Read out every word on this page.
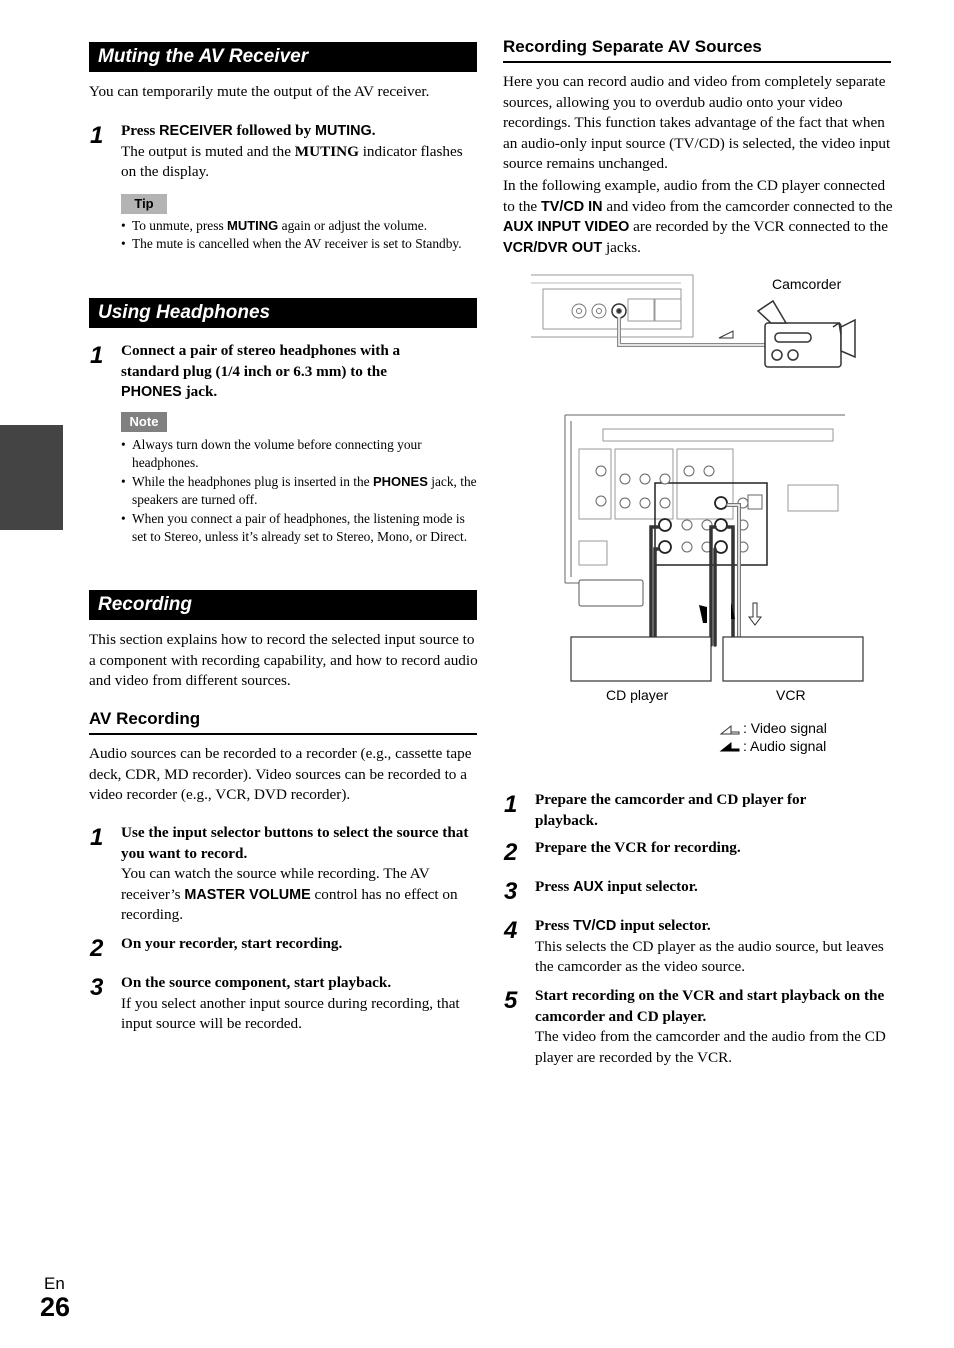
Muting the AV Receiver

You can temporarily mute the output of the AV receiver.

1 Press RECEIVER followed by MUTING.
The output is muted and the MUTING indicator flashes on the display.
Tip
• To unmute, press MUTING again or adjust the volume.
• The mute is cancelled when the AV receiver is set to Standby.
Using Headphones
1 Connect a pair of stereo headphones with a standard plug (1/4 inch or 6.3 mm) to the PHONES jack.
Note
• Always turn down the volume before connecting your headphones.
• While the headphones plug is inserted in the PHONES jack, the speakers are turned off.
• When you connect a pair of headphones, the listening mode is set to Stereo, unless it’s already set to Stereo, Mono, or Direct.
Recording

This section explains how to record the selected input source to a component with recording capability, and how to record audio and video from different sources.

AV Recording

Audio sources can be recorded to a recorder (e.g., cassette tape deck, CDR, MD recorder). Video sources can be recorded to a video recorder (e.g., VCR, DVD recorder).

1 Use the input selector buttons to select the source that you want to record.
You can watch the source while recording. The AV receiver’s MASTER VOLUME control has no effect on recording.
2 On your recorder, start recording.
3 On the source component, start playback.
If you select another input source during recording, that input source will be recorded.
Recording Separate AV Sources

Here you can record audio and video from completely separate sources, allowing you to overdub audio onto your video recordings. This function takes advantage of the fact that when an audio-only input source (TV/CD) is selected, the video input source remains unchanged.

In the following example, audio from the CD player connected to the TV/CD IN and video from the camcorder connected to the AUX INPUT VIDEO are recorded by the VCR connected to the VCR/DVR OUT jacks.

Camcorder
CD player	VCR
: Video signal
: Audio signal
1 Prepare the camcorder and CD player for playback.
2 Prepare the VCR for recording.
3 Press AUX input selector.
4 Press TV/CD input selector.
This selects the CD player as the audio source, but leaves the camcorder as the video source.
5 Start recording on the VCR and start playback on the camcorder and CD player.
The video from the camcorder and the audio from the CD player are recorded by the VCR.
En
26
